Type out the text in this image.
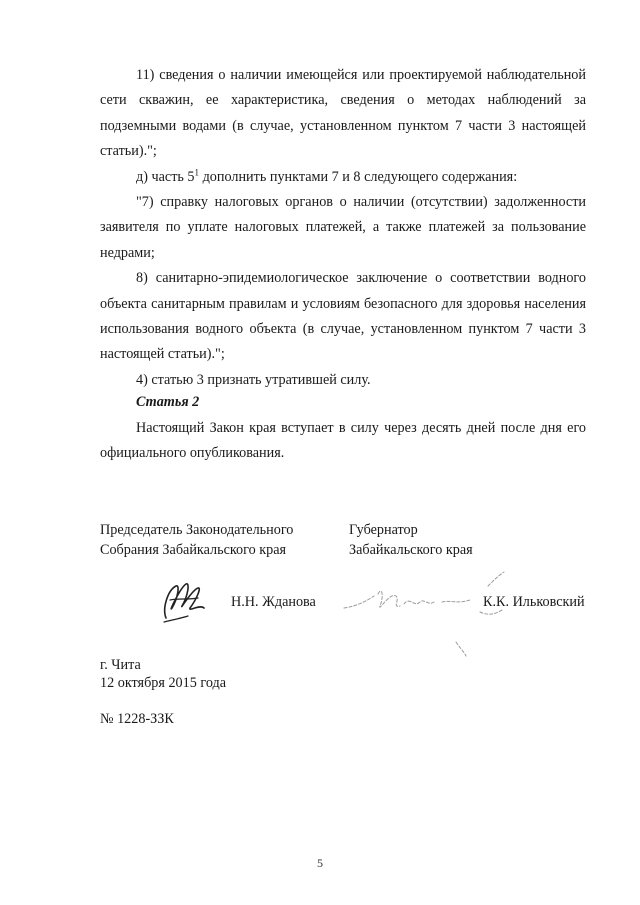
11) сведения о наличии имеющейся или проектируемой наблюдательной сети скважин, ее характеристика, сведения о методах наблюдений за подземными водами (в случае, установленном пунктом 7 части 3 настоящей статьи).";

д) часть $5^1$ дополнить пунктами 7 и 8 следующего содержания:

"7) справку налоговых органов о наличии (отсутствии) задолженности заявителя по уплате налоговых платежей, а также платежей за пользование недрами;

8) санитарно-эпидемиологическое заключение о соответствии водного объекта санитарным правилам и условиям безопасного для здоровья населения использования водного объекта (в случае, установленном пунктом 7 части 3 настоящей статьи).";

4) статью 3 признать утратившей силу.

Статья 2

Настоящий Закон края вступает в силу через десять дней после дня его официального опубликования.

Председатель Законодательного
Собрания Забайкальского края
Губернатор
Забайкальского края
Н.Н. Жданова	К.К. Ильковский
г. Чита
12 октября 2015 года
№ 1228-ЗЗК
5
